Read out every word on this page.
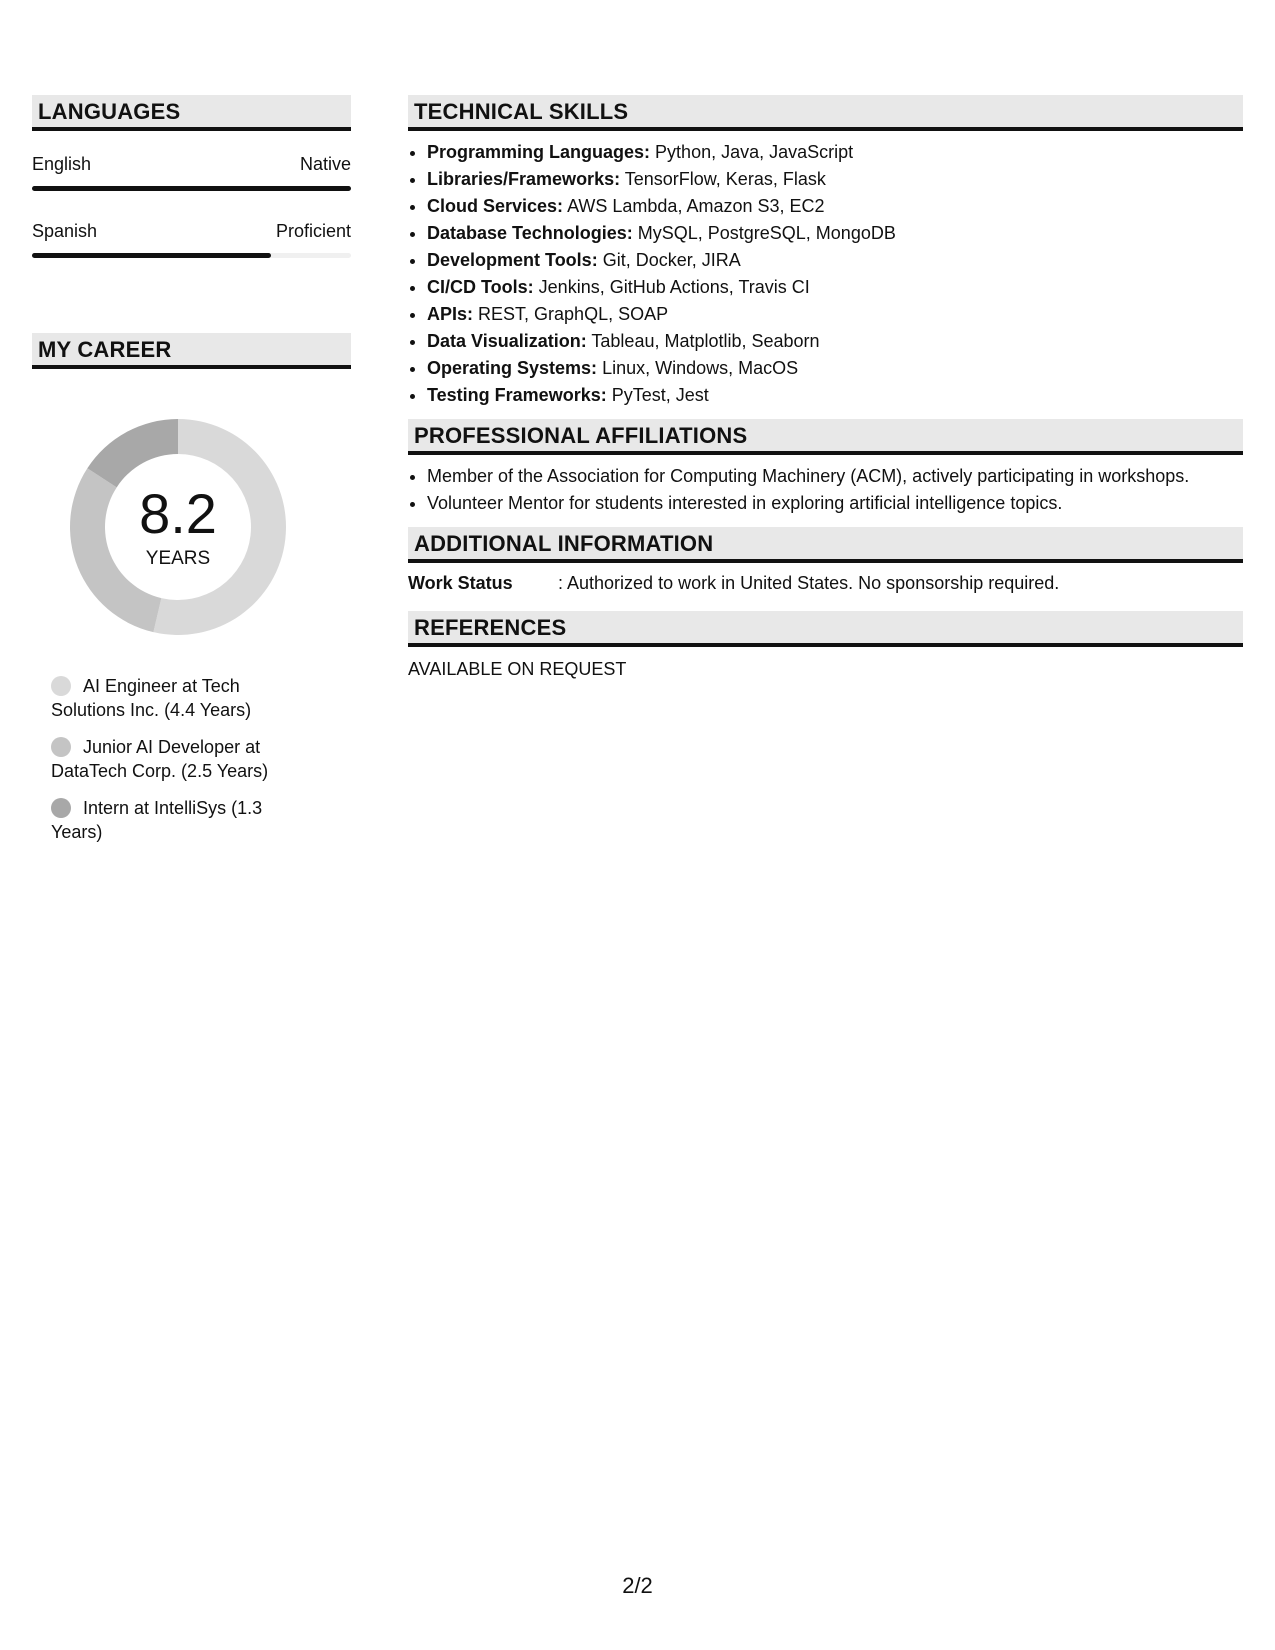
LANGUAGES
English	Native
Spanish	Proficient
MY CAREER
8.2
YEARS
AI Engineer at Tech Solutions Inc. (4.4 Years)
Junior AI Developer at DataTech Corp. (2.5 Years)
Intern at IntelliSys (1.3 Years)
TECHNICAL SKILLS
• Programming Languages: Python, Java, JavaScript
• Libraries/Frameworks: TensorFlow, Keras, Flask
• Cloud Services: AWS Lambda, Amazon S3, EC2
• Database Technologies: MySQL, PostgreSQL, MongoDB
• Development Tools: Git, Docker, JIRA
• CI/CD Tools: Jenkins, GitHub Actions, Travis CI
• APIs: REST, GraphQL, SOAP
• Data Visualization: Tableau, Matplotlib, Seaborn
• Operating Systems: Linux, Windows, MacOS
• Testing Frameworks: PyTest, Jest
PROFESSIONAL AFFILIATIONS
• Member of the Association for Computing Machinery (ACM), actively participating in workshops.
• Volunteer Mentor for students interested in exploring artificial intelligence topics.
ADDITIONAL INFORMATION
Work Status	: Authorized to work in United States. No sponsorship required.
REFERENCES
AVAILABLE ON REQUEST
2/2
